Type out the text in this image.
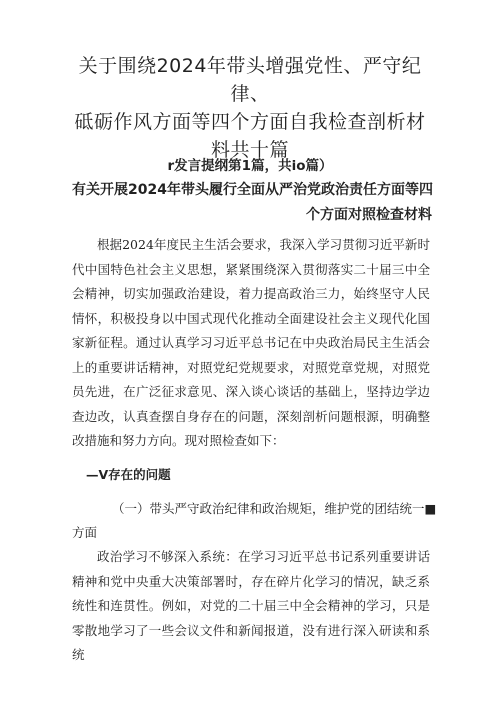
关于围绕2024年带头增强党性、严守纪律、
砥砺作风方面等四个方面自我检查剖析材
料共十篇
r发言提纲第1篇，共io篇）
有关开展2024年带头履行全面从严治党政治责任方面等四
个方面对照检查材料

根据2024年度民主生活会要求，我深入学习贯彻习近平新时代中国特色社会主义思想，紧紧围绕深入贯彻落实二十届三中全会精神，切实加强政治建设，着力提高政治三力，始终坚守人民情怀，积极投身以中国式现代化推动全面建设社会主义现代化国家新征程。通过认真学习习近平总书记在中央政治局民主生活会上的重要讲话精神，对照党纪党规要求，对照党章党规，对照党员先进，在广泛征求意见、深入谈心谈话的基础上，坚持边学边查边改，认真查摆自身存在的问题，深刻剖析问题根源，明确整改措施和努力方向。现对照检查如下：

—V存在的问题
（一）带头严守政治纪律和政治规矩，维护党的团结统一■
方面

政治学习不够深入系统：在学习习近平总书记系列重要讲话精神和党中央重大决策部署时，存在碎片化学习的情况，缺乏系统性和连贯性。例如，对党的二十届三中全会精神的学习，只是零散地学习了一些会议文件和新闻报道，没有进行深入研读和系统
